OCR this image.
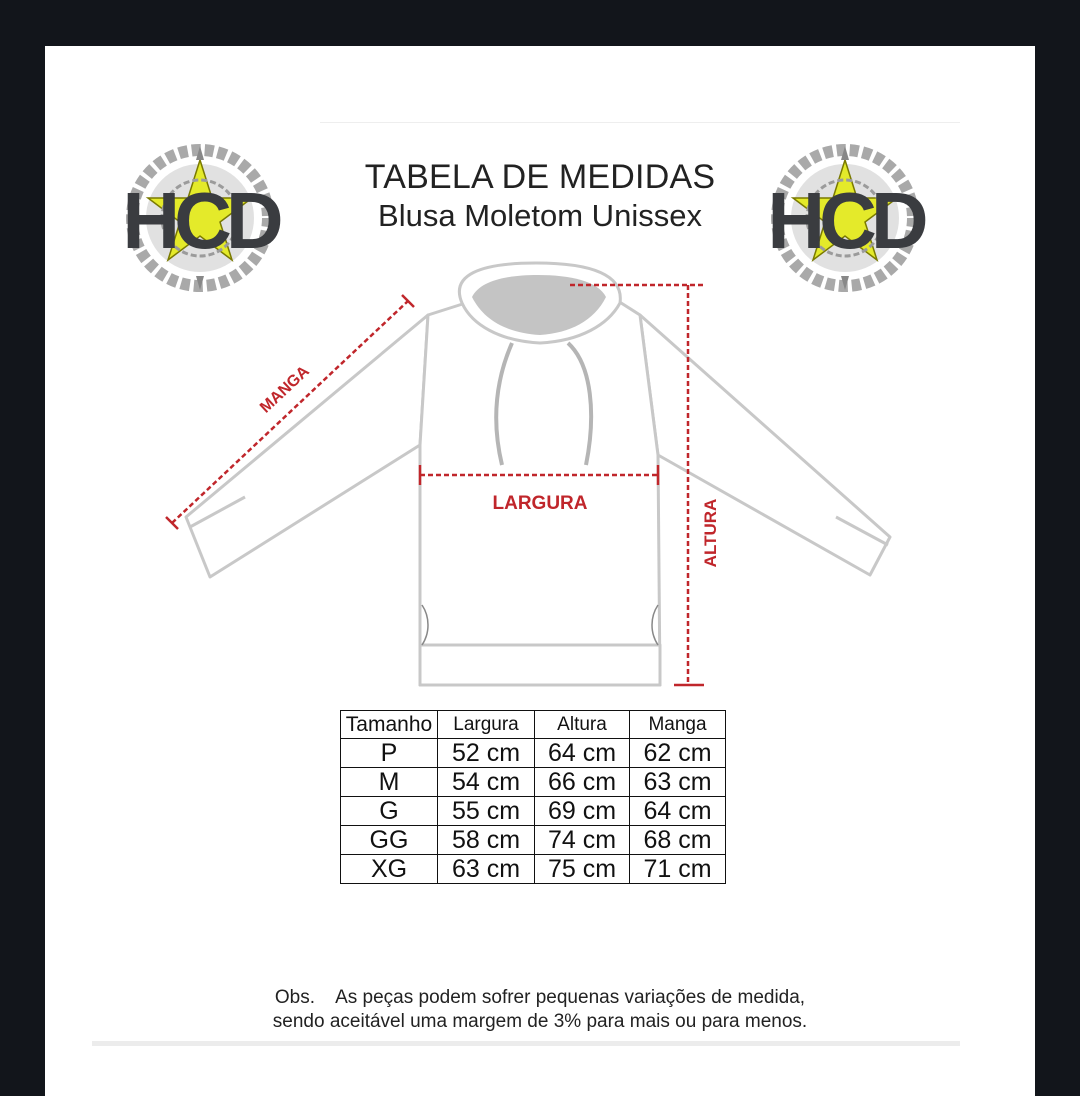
HCD	HCD
TABELA DE MEDIDAS
Blusa Moletom Unissex
MANGA
LARGURA	ALTURA
Tamanho	Largura	Altura	Manga
P	52 cm	64 cm	62 cm
M	54 cm	66 cm	63 cm
G	55 cm	69 cm	64 cm
GG	58 cm	74 cm	68 cm
XG	63 cm	75 cm	71 cm
Obs.    As peças podem sofrer pequenas variações de medida,
sendo aceitável uma margem de 3% para mais ou para menos.
